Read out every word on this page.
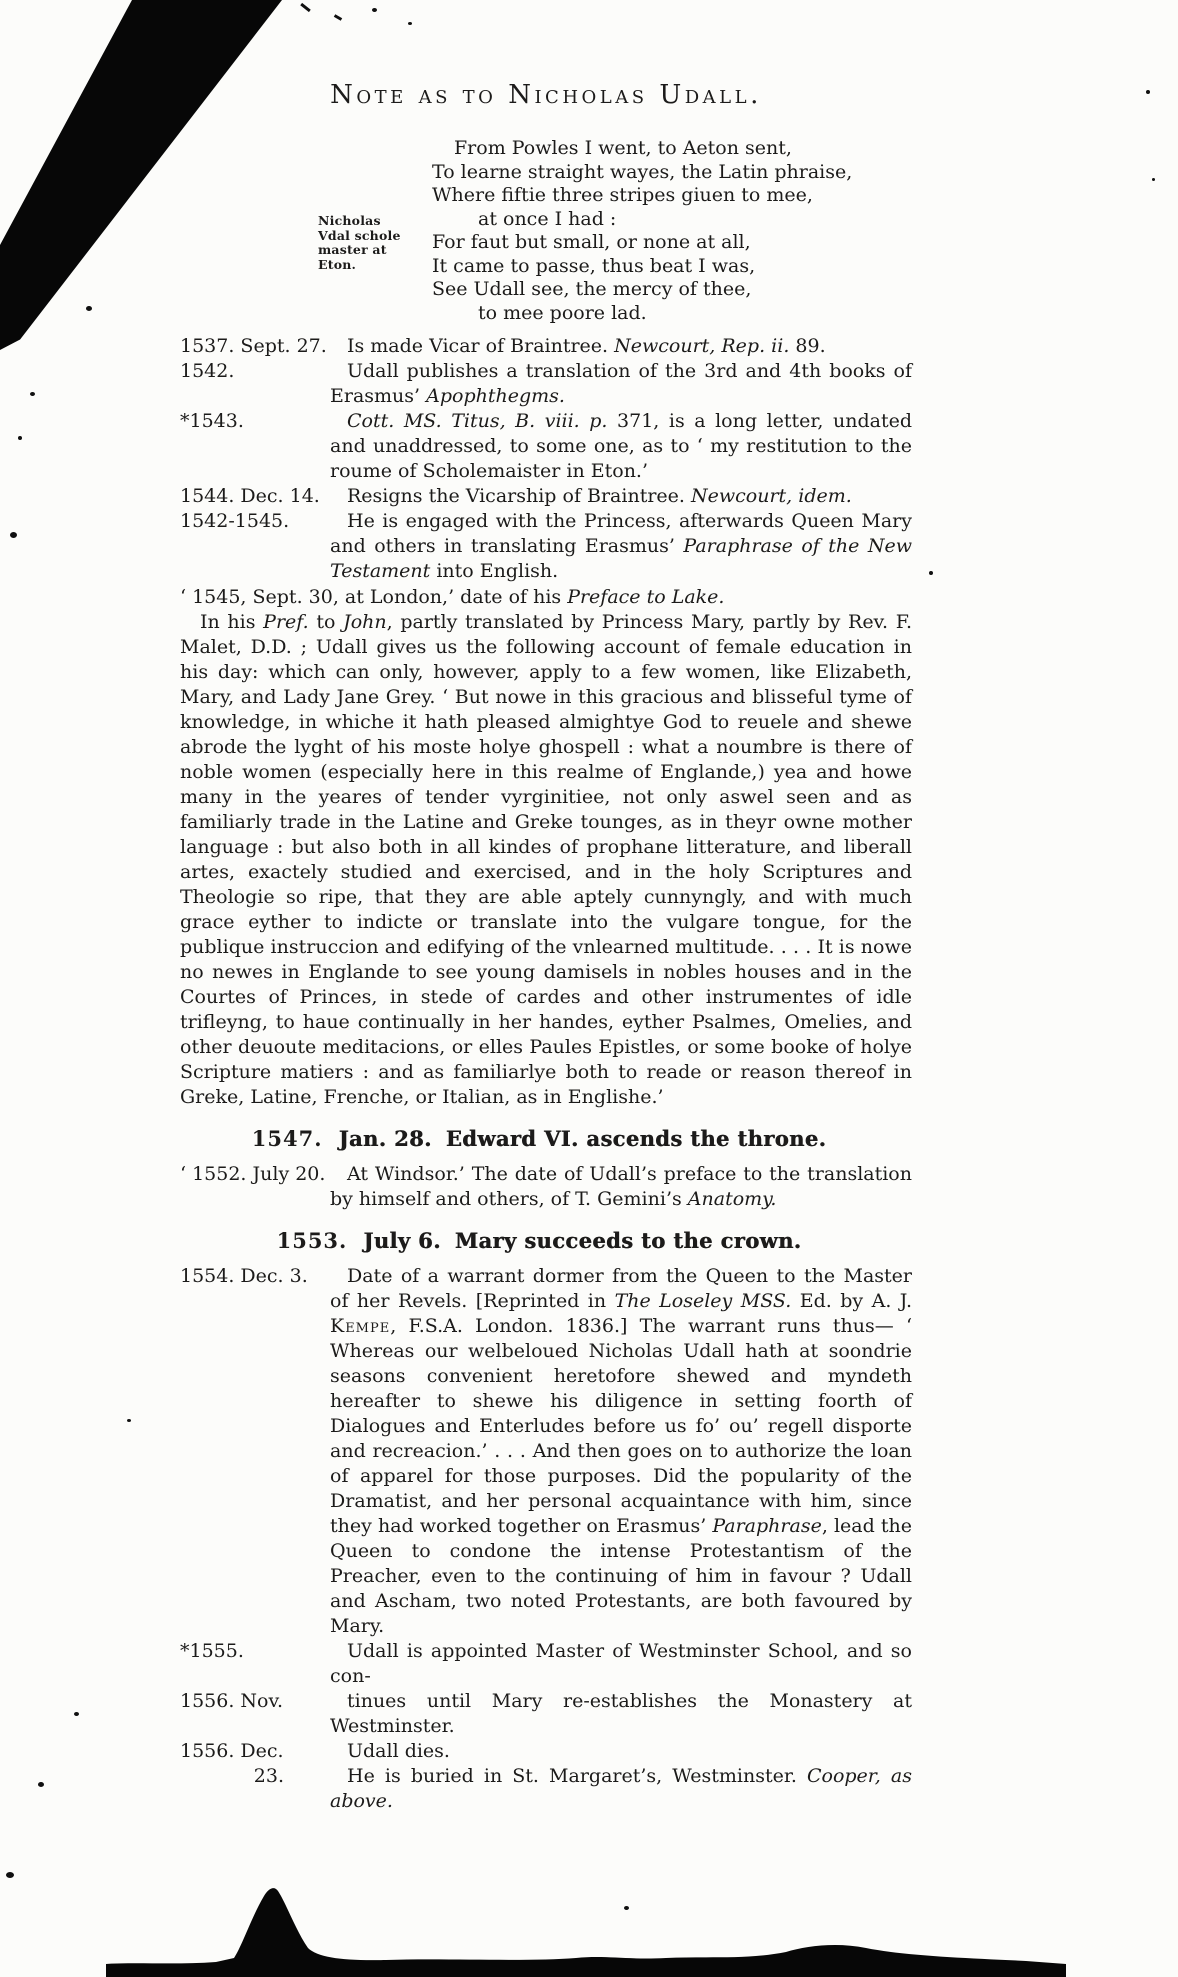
Note as to Nicholas Udall.
Nicholas Vdal schole master at Eton.
From Powles I went, to Aeton sent,
To learne straight wayes, the Latin phraise,
Where fiftie three stripes giuen to mee,
at once I had :
For faut but small, or none at all,
It came to passe, thus beat I was,
See Udall see, the mercy of thee,
to mee poore lad.
1537. Sept. 27.	Is made Vicar of Braintree. Newcourt, Rep. ii. 89.

1542.	Udall publishes a translation of the 3rd and 4th books of Erasmus’ Apophthegms.

*1543.	Cott. MS. Titus, B. viii. p. 371, is a long letter, undated and unaddressed, to some one, as to ‘ my restitution to the roume of Scholemaister in Eton.’

1544. Dec. 14.	Resigns the Vicarship of Braintree. Newcourt, idem.

1542-1545.	He is engaged with the Princess, afterwards Queen Mary and others in translating Erasmus’ Paraphrase of the New Testament into English.

‘ 1545, Sept. 30, at London,’ date of his Preface to Lake.

In his Pref. to John, partly translated by Princess Mary, partly by Rev. F. Malet, D.D. ; Udall gives us the following account of female education in his day: which can only, however, apply to a few women, like Elizabeth, Mary, and Lady Jane Grey. ‘ But nowe in this gracious and blisseful tyme of knowledge, in whiche it hath pleased almightye God to reuele and shewe abrode the lyght of his moste holye ghospell : what a noumbre is there of noble women (especially here in this realme of Englande,) yea and howe many in the yeares of tender vyrginitiee, not only aswel seen and as familiarly trade in the Latine and Greke tounges, as in theyr owne mother language : but also both in all kindes of prophane litterature, and liberall artes, exactely studied and exercised, and in the holy Scriptures and Theologie so ripe, that they are able aptely cunnyngly, and with much grace eyther to indicte or translate into the vulgare tongue, for the publique instruccion and edifying of the vnlearned multitude. . . . It is nowe no newes in Englande to see young damisels in nobles houses and in the Courtes of Princes, in stede of cardes and other instrumentes of idle trifleyng, to haue continually in her handes, eyther Psalmes, Omelies, and other deuoute meditacions, or elles Paules Epistles, or some booke of holye Scripture matiers : and as familiarlye both to reade or reason thereof in Greke, Latine, Frenche, or Italian, as in Englishe.’

1547. Jan. 28. Edward VI. ascends the throne.
‘ 1552. July 20.	At Windsor.’ The date of Udall’s preface to the translation by himself and others, of T. Gemini’s Anatomy.

1553. July 6. Mary succeeds to the crown.
1554. Dec. 3.	Date of a warrant dormer from the Queen to the Master of her Revels. [Reprinted in The Loseley MSS. Ed. by A. J. Kempe, F.S.A. London. 1836.] The warrant runs thus— ‘ Whereas our welbeloued Nicholas Udall hath at soondrie seasons convenient heretofore shewed and myndeth hereafter to shewe his diligence in setting foorth of Dialogues and Enterludes before us fo’ ou’ regell disporte and recreacion.’ . . . And then goes on to authorize the loan of apparel for those purposes. Did the popularity of the Dramatist, and her personal acquaintance with him, since they had worked together on Erasmus’ Paraphrase, lead the Queen to condone the intense Protestantism of the Preacher, even to the continuing of him in favour ? Udall and Ascham, two noted Protestants, are both favoured by Mary.

*1555.	Udall is appointed Master of Westminster School, and so con-

1556. Nov.	tinues until Mary re-establishes the Monastery at Westminster.

1556. Dec.	Udall dies.

23.	He is buried in St. Margaret’s, Westminster. Cooper, as above.
